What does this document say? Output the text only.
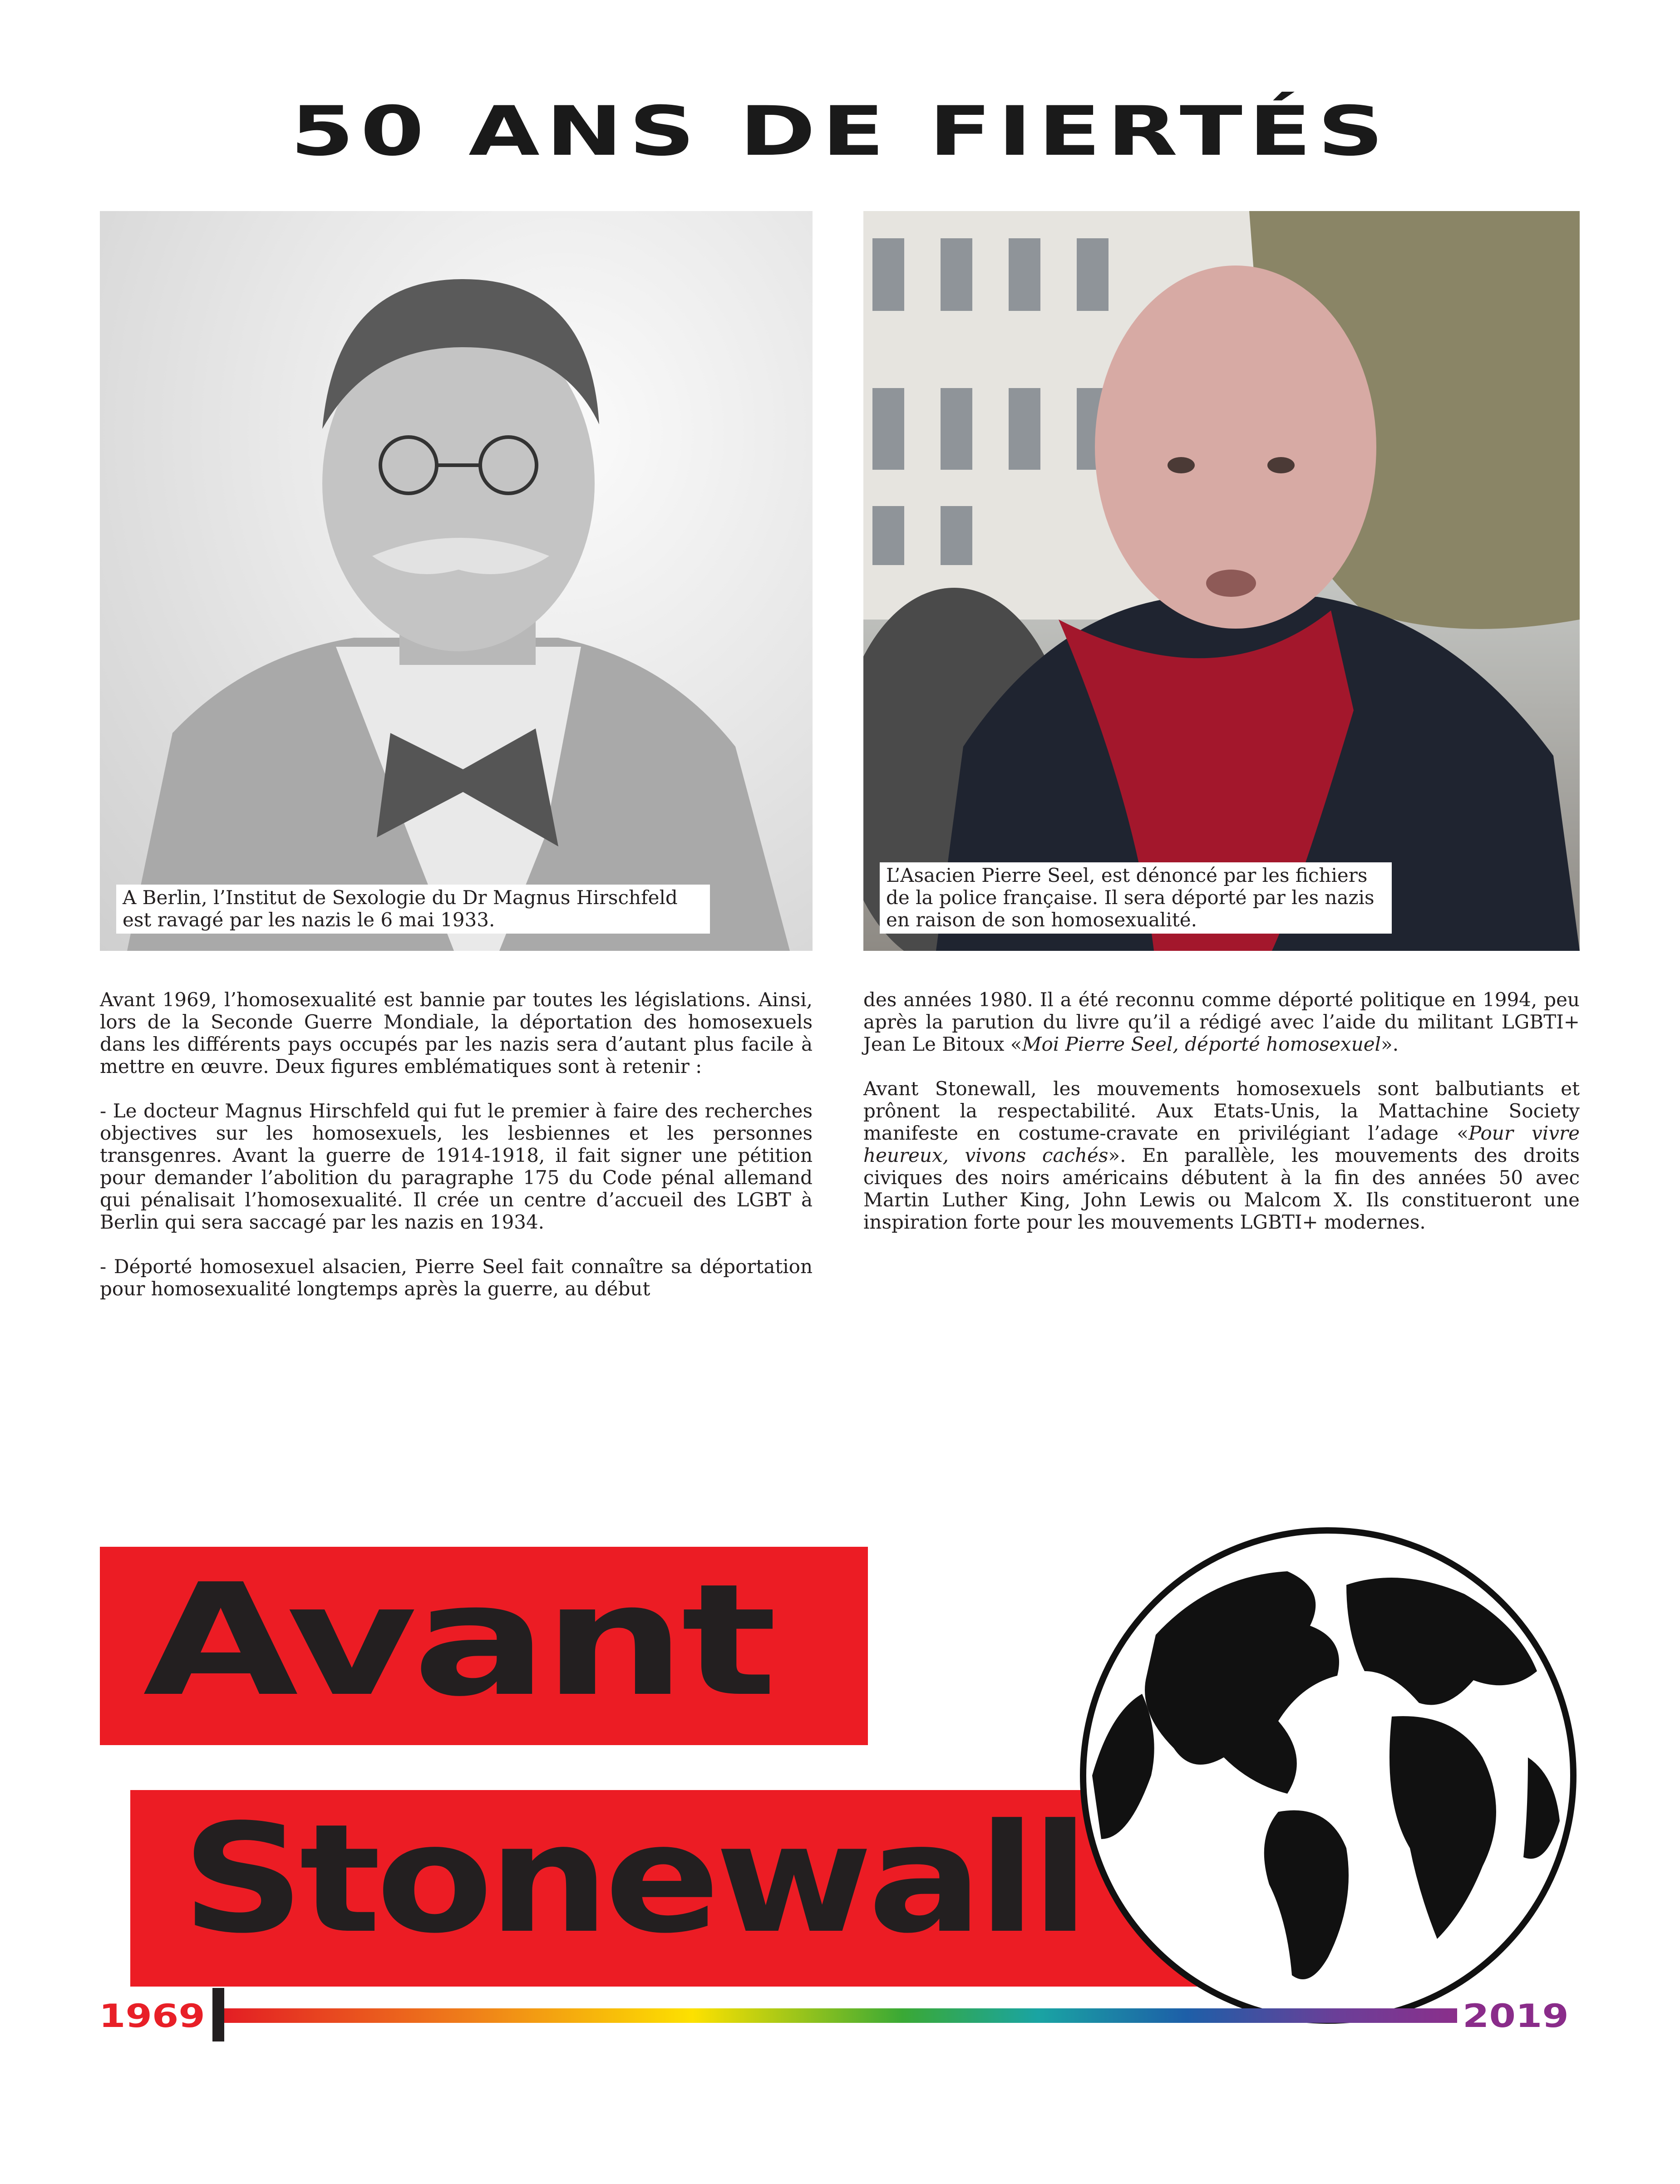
50 ANS DE FIERTÉS
A Berlin, l’Institut de Sexologie du Dr Magnus Hirschfeld
est ravagé par les nazis le 6 mai 1933.
L’Asacien Pierre Seel, est dénoncé par les fichiers
de la police française. Il sera déporté par les nazis
en raison de son homosexualité.

Avant 1969, l’homosexualité est bannie par toutes les législations. Ainsi, lors de la Seconde Guerre Mondiale, la déportation des homosexuels dans les différents pays occupés par les nazis sera d’autant plus facile à mettre en œuvre. Deux figures emblématiques sont à retenir :

- Le docteur Magnus Hirschfeld qui fut le premier à faire des recherches objectives sur les homosexuels, les lesbiennes et les personnes transgenres. Avant la guerre de 1914-1918, il fait signer une pétition pour demander l’abolition du paragraphe 175 du Code pénal allemand qui pénalisait l’homosexualité. Il crée un centre d’accueil des LGBT à Berlin qui sera saccagé par les nazis en 1934.

- Déporté homosexuel alsacien, Pierre Seel fait connaître sa déportation pour homosexualité longtemps après la guerre, au début

des années 1980. Il a été reconnu comme déporté politique en 1994, peu après la parution du livre qu’il a rédigé avec l’aide du militant LGBTI+ Jean Le Bitoux «Moi Pierre Seel, déporté homosexuel».

Avant Stonewall, les mouvements homosexuels sont balbutiants et prônent la respectabilité. Aux Etats-Unis, la Mattachine Society manifeste en costume-cravate en privilégiant l’adage «Pour vivre heureux, vivons cachés». En parallèle, les mouvements des droits civiques des noirs américains débutent à la fin des années 50 avec Martin Luther King, John Lewis ou Malcom X. Ils constitueront une inspiration forte pour les mouvements LGBTI+ modernes.

Avant
Stonewall
1969	2019
